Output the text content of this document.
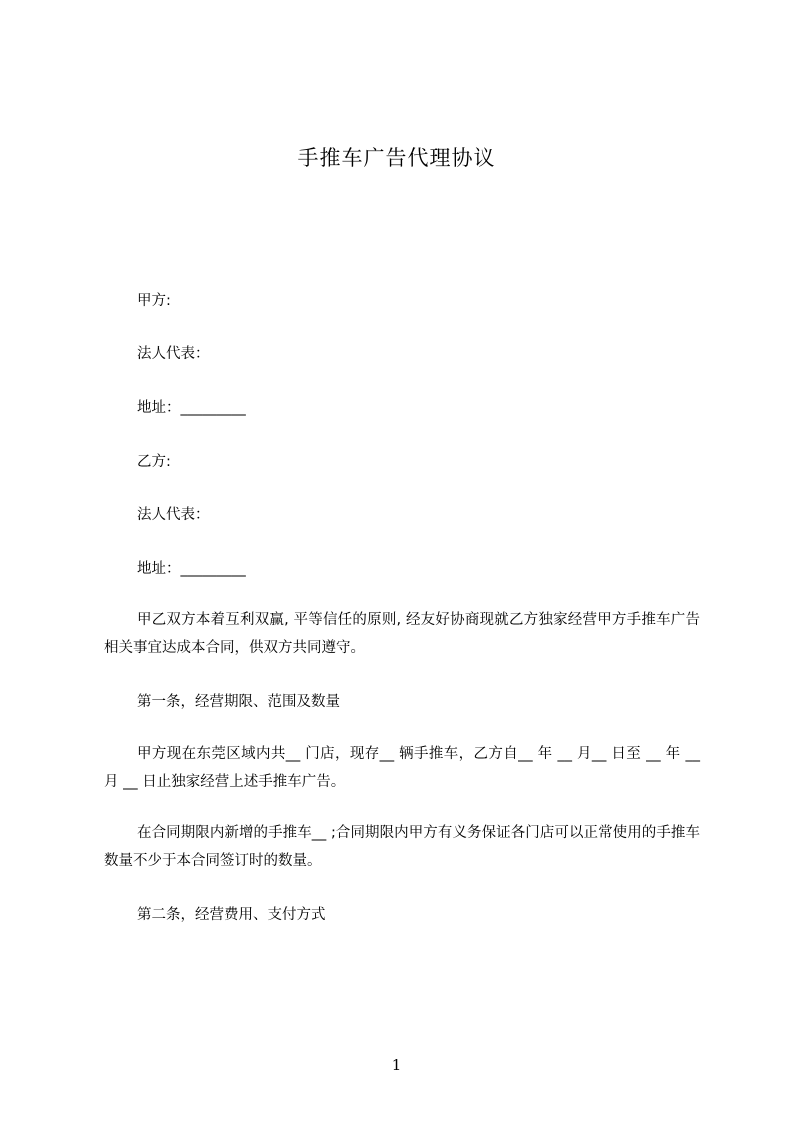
手推车广告代理协议
甲方:
法人代表：
地址：_________
乙方:
法人代表：
地址：_________
甲乙双方本着互利双赢, 平等信任的原则, 经友好协商现就乙方独家经营甲方手推车广告相关事宜达成本合同，供双方共同遵守。
第一条，经营期限、范围及数量
甲方现在东莞区域内共__ 门店，现存__ 辆手推车，乙方自__ 年 __ 月__ 日至 __ 年 __ 月 __ 日止独家经营上述手推车广告。
在合同期限内新增的手推车__ ;合同期限内甲方有义务保证各门店可以正常使用的手推车数量不少于本合同签订时的数量。
第二条，经营费用、支付方式
1
